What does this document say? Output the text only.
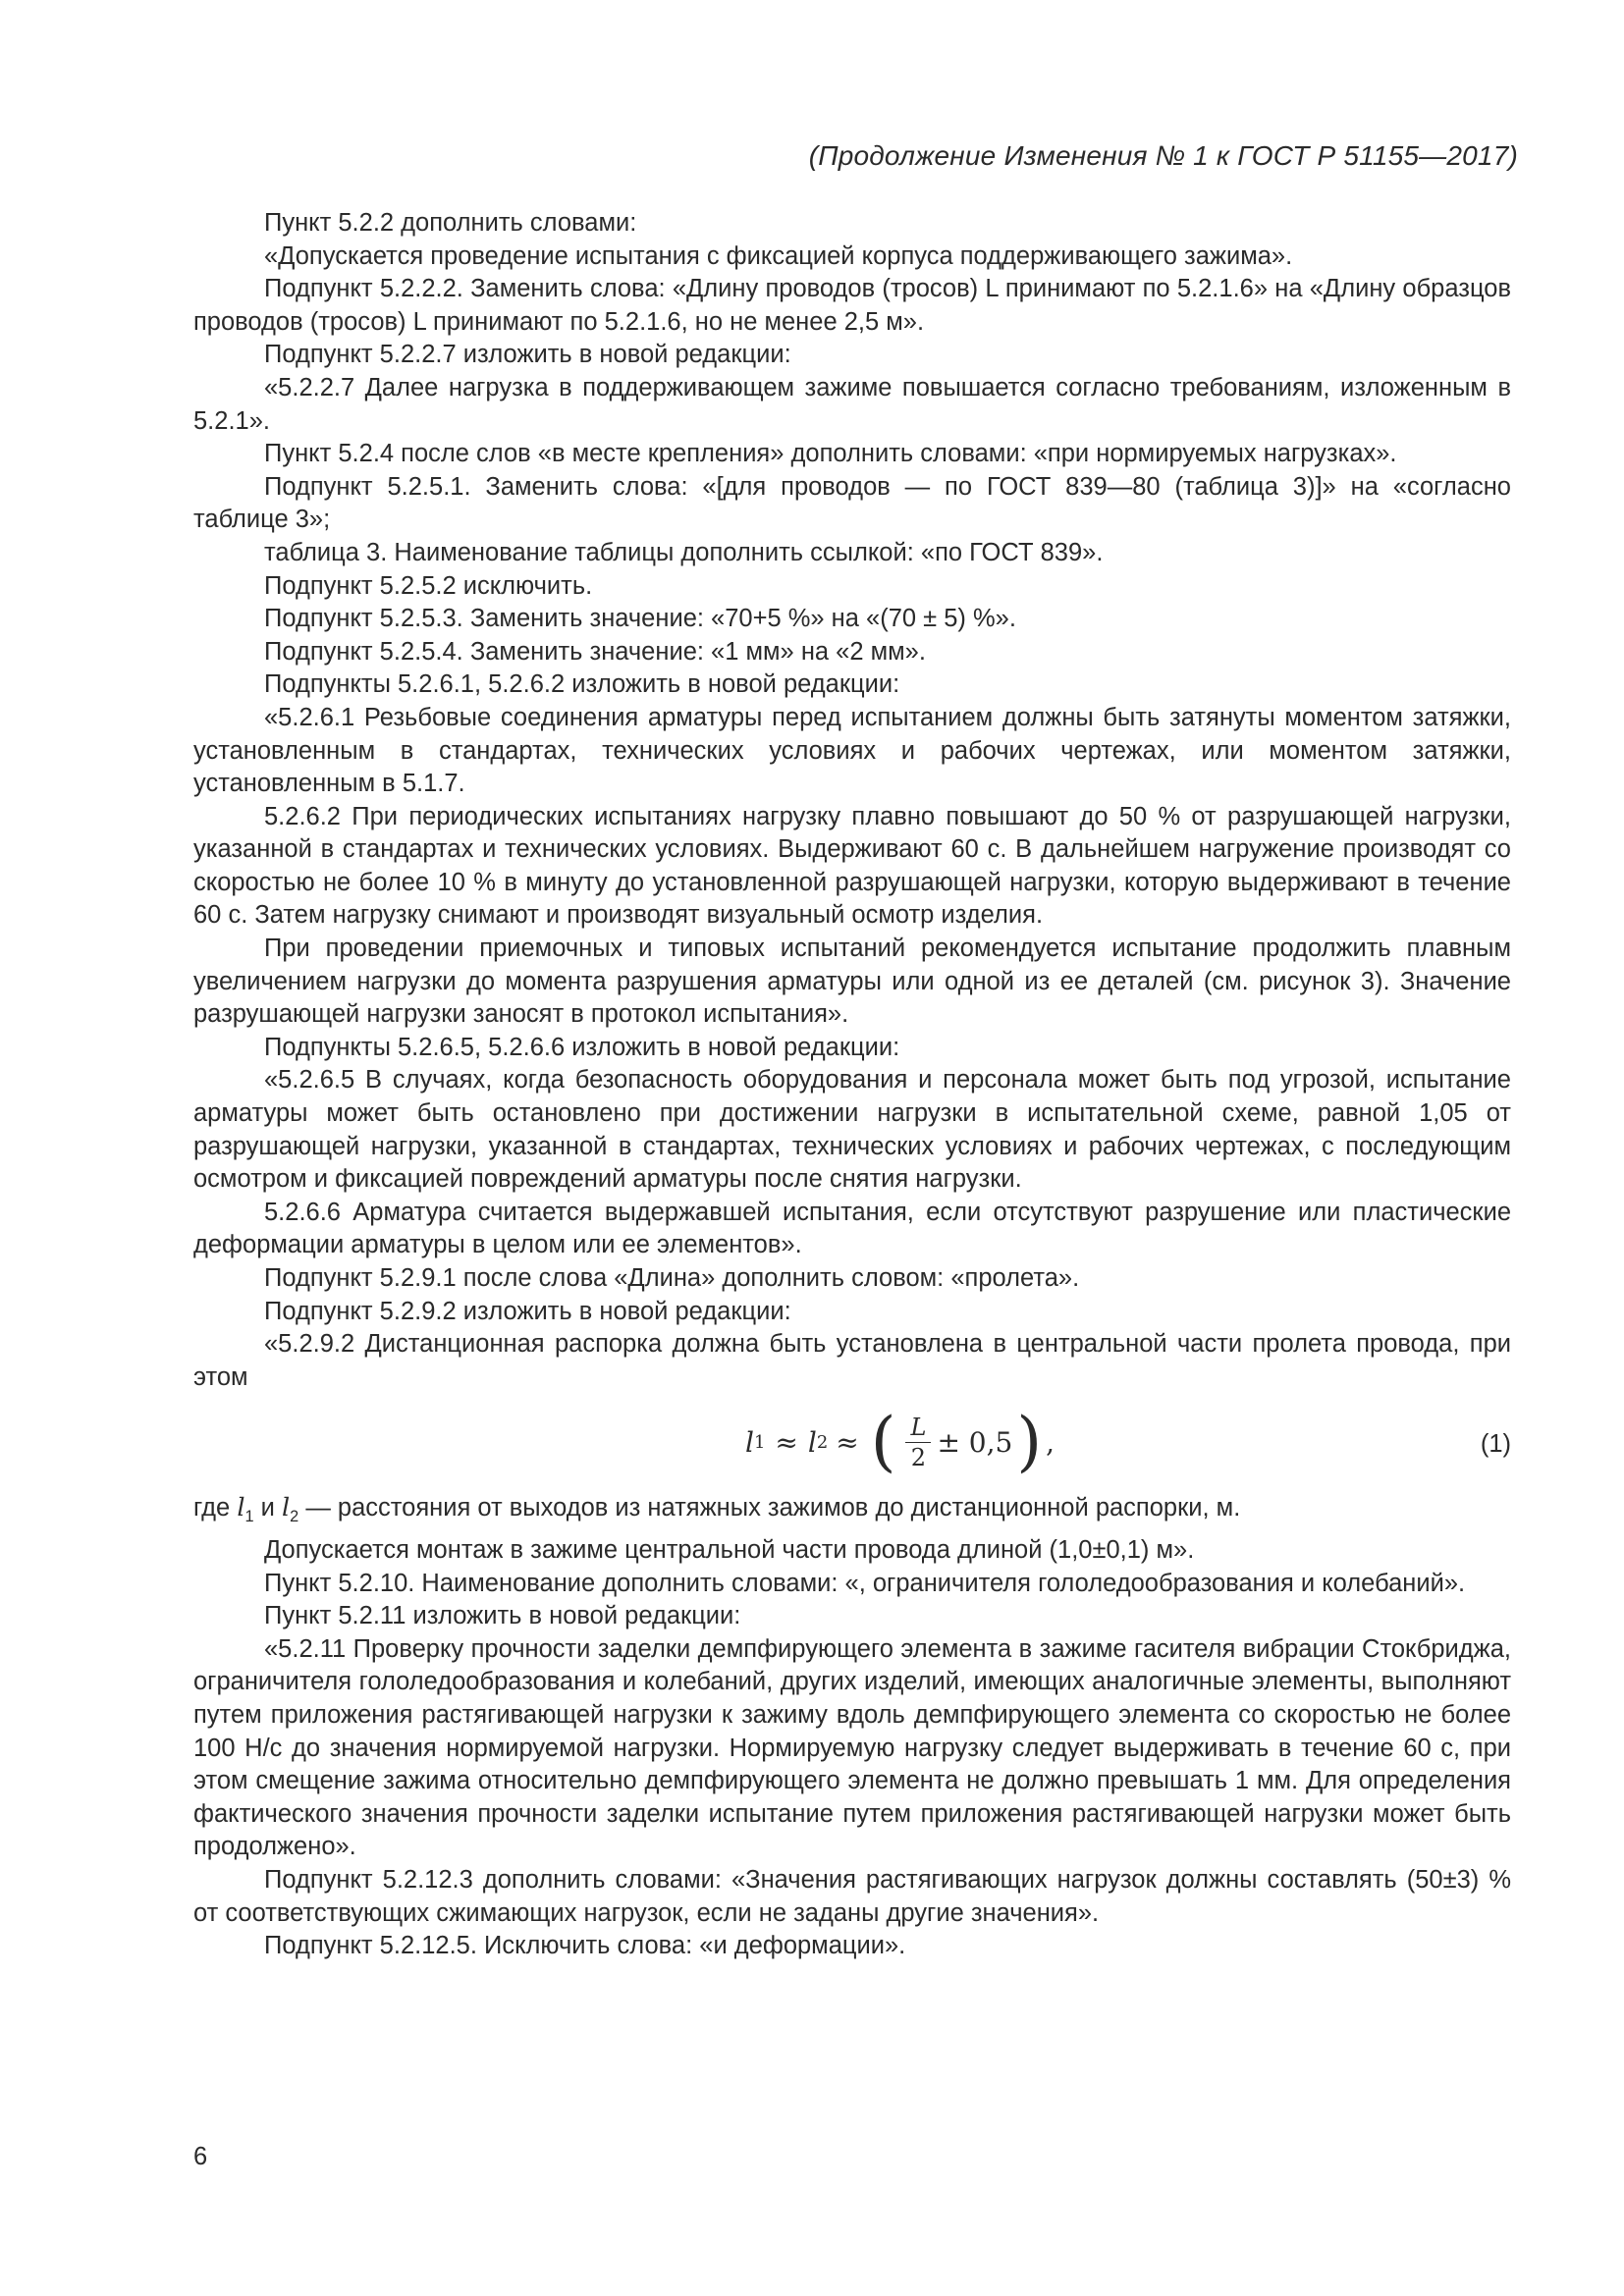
(Продолжение Изменения № 1 к ГОСТ Р 51155—2017)

Пункт 5.2.2 дополнить словами:

«Допускается проведение испытания с фиксацией корпуса поддерживающего зажима».

Подпункт 5.2.2.2. Заменить слова: «Длину проводов (тросов) L принимают по 5.2.1.6» на «Длину образцов проводов (тросов) L принимают по 5.2.1.6, но не менее 2,5 м».

Подпункт 5.2.2.7 изложить в новой редакции:

«5.2.2.7 Далее нагрузка в поддерживающем зажиме повышается согласно требованиям, изложенным в 5.2.1».

Пункт 5.2.4 после слов «в месте крепления» дополнить словами: «при нормируемых нагрузках».

Подпункт 5.2.5.1. Заменить слова: «[для проводов — по ГОСТ 839—80 (таблица 3)]» на «согласно таблице 3»;

таблица 3. Наименование таблицы дополнить ссылкой: «по ГОСТ 839».

Подпункт 5.2.5.2 исключить.

Подпункт 5.2.5.3. Заменить значение: «70+5 %» на «(70 ± 5) %».

Подпункт 5.2.5.4. Заменить значение: «1 мм» на «2 мм».

Подпункты 5.2.6.1, 5.2.6.2 изложить в новой редакции:

«5.2.6.1 Резьбовые соединения арматуры перед испытанием должны быть затянуты моментом затяжки, установленным в стандартах, технических условиях и рабочих чертежах, или моментом затяжки, установленным в 5.1.7.

5.2.6.2 При периодических испытаниях нагрузку плавно повышают до 50 % от разрушающей нагрузки, указанной в стандартах и технических условиях. Выдерживают 60 с. В дальнейшем нагружение производят со скоростью не более 10 % в минуту до установленной разрушающей нагрузки, которую выдерживают в течение 60 с. Затем нагрузку снимают и производят визуальный осмотр изделия.

При проведении приемочных и типовых испытаний рекомендуется испытание продолжить плавным увеличением нагрузки до момента разрушения арматуры или одной из ее деталей (см. рисунок 3). Значение разрушающей нагрузки заносят в протокол испытания».

Подпункты 5.2.6.5, 5.2.6.6 изложить в новой редакции:

«5.2.6.5 В случаях, когда безопасность оборудования и персонала может быть под угрозой, испытание арматуры может быть остановлено при достижении нагрузки в испытательной схеме, равной 1,05 от разрушающей нагрузки, указанной в стандартах, технических условиях и рабочих чертежах, с последующим осмотром и фиксацией повреждений арматуры после снятия нагрузки.

5.2.6.6 Арматура считается выдержавшей испытания, если отсутствуют разрушение или пластические деформации арматуры в целом или ее элементов».

Подпункт 5.2.9.1 после слова «Длина» дополнить словом: «пролета».

Подпункт 5.2.9.2 изложить в новой редакции:

«5.2.9.2 Дистанционная распорка должна быть установлена в центральной части пролета провода, при этом

l 1 ≈ l 2 ≈ ( $\frac{L}{2} \pm 0,5$ ) ,	(1)

где $l_1$ и $l_2$ — расстояния от выходов из натяжных зажимов до дистанционной распорки, м.

Допускается монтаж в зажиме центральной части провода длиной (1,0±0,1) м».

Пункт 5.2.10. Наименование дополнить словами: «, ограничителя гололедообразования и колебаний».

Пункт 5.2.11 изложить в новой редакции:

«5.2.11 Проверку прочности заделки демпфирующего элемента в зажиме гасителя вибрации Стокбриджа, ограничителя гололедообразования и колебаний, других изделий, имеющих аналогичные элементы, выполняют путем приложения растягивающей нагрузки к зажиму вдоль демпфирующего элемента со скоростью не более 100 Н/с до значения нормируемой нагрузки. Нормируемую нагрузку следует выдерживать в течение 60 с, при этом смещение зажима относительно демпфирующего элемента не должно превышать 1 мм. Для определения фактического значения прочности заделки испытание путем приложения растягивающей нагрузки может быть продолжено».

Подпункт 5.2.12.3 дополнить словами: «Значения растягивающих нагрузок должны составлять (50±3) % от соответствующих сжимающих нагрузок, если не заданы другие значения».

Подпункт 5.2.12.5. Исключить слова: «и деформации».

6
